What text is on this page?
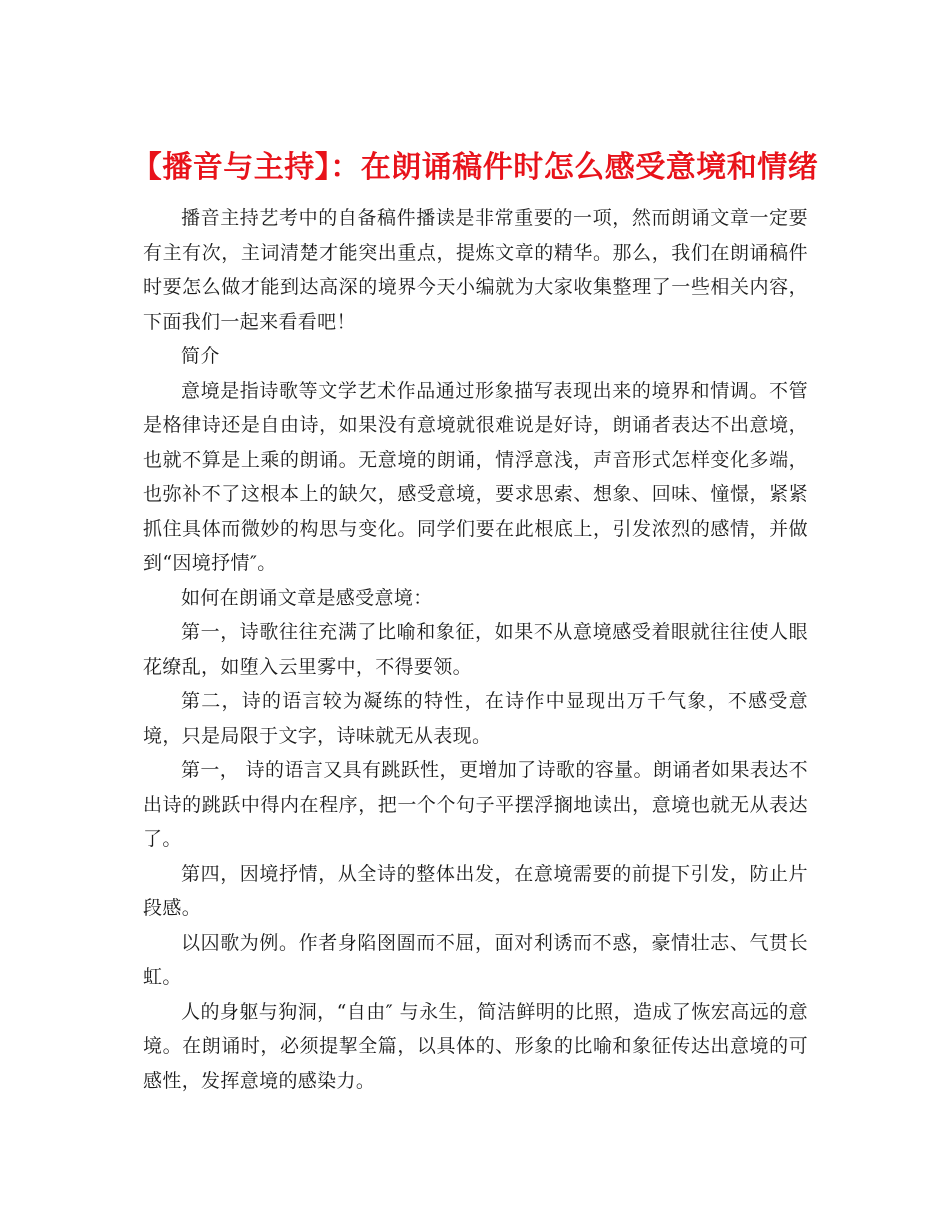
【播音与主持】：在朗诵稿件时怎么感受意境和情绪

播音主持艺考中的自备稿件播读是非常重要的一项，然而朗诵文章一定要有主有次，主词清楚才能突出重点，提炼文章的精华。那么，我们在朗诵稿件时要怎么做才能到达高深的境界今天小编就为大家收集整理了一些相关内容，下面我们一起来看看吧！

简介

意境是指诗歌等文学艺术作品通过形象描写表现出来的境界和情调。不管是格律诗还是自由诗，如果没有意境就很难说是好诗，朗诵者表达不出意境，也就不算是上乘的朗诵。无意境的朗诵，情浮意浅，声音形式怎样变化多端，也弥补不了这根本上的缺欠，感受意境，要求思索、想象、回味、憧憬，紧紧抓住具体而微妙的构思与变化。同学们要在此根底上，引发浓烈的感情，并做到“因境抒情″。

如何在朗诵文章是感受意境：

第一，诗歌往往充满了比喻和象征，如果不从意境感受着眼就往往使人眼花缭乱，如堕入云里雾中，不得要领。

第二，诗的语言较为凝练的特性，在诗作中显现出万千气象，不感受意境，只是局限于文字，诗味就无从表现。

第一， 诗的语言又具有跳跃性，更增加了诗歌的容量。朗诵者如果表达不出诗的跳跃中得内在程序，把一个个句子平摆浮搁地读出，意境也就无从表达了。

第四，因境抒情，从全诗的整体出发，在意境需要的前提下引发，防止片段感。

以囚歌为例。作者身陷囹圄而不屈，面对利诱而不惑，豪情壮志、气贯长虹。

人的身躯与狗洞，“自由″ 与永生，简洁鲜明的比照，造成了恢宏高远的意境。在朗诵时，必须提挈全篇，以具体的、形象的比喻和象征传达出意境的可感性，发挥意境的感染力。
